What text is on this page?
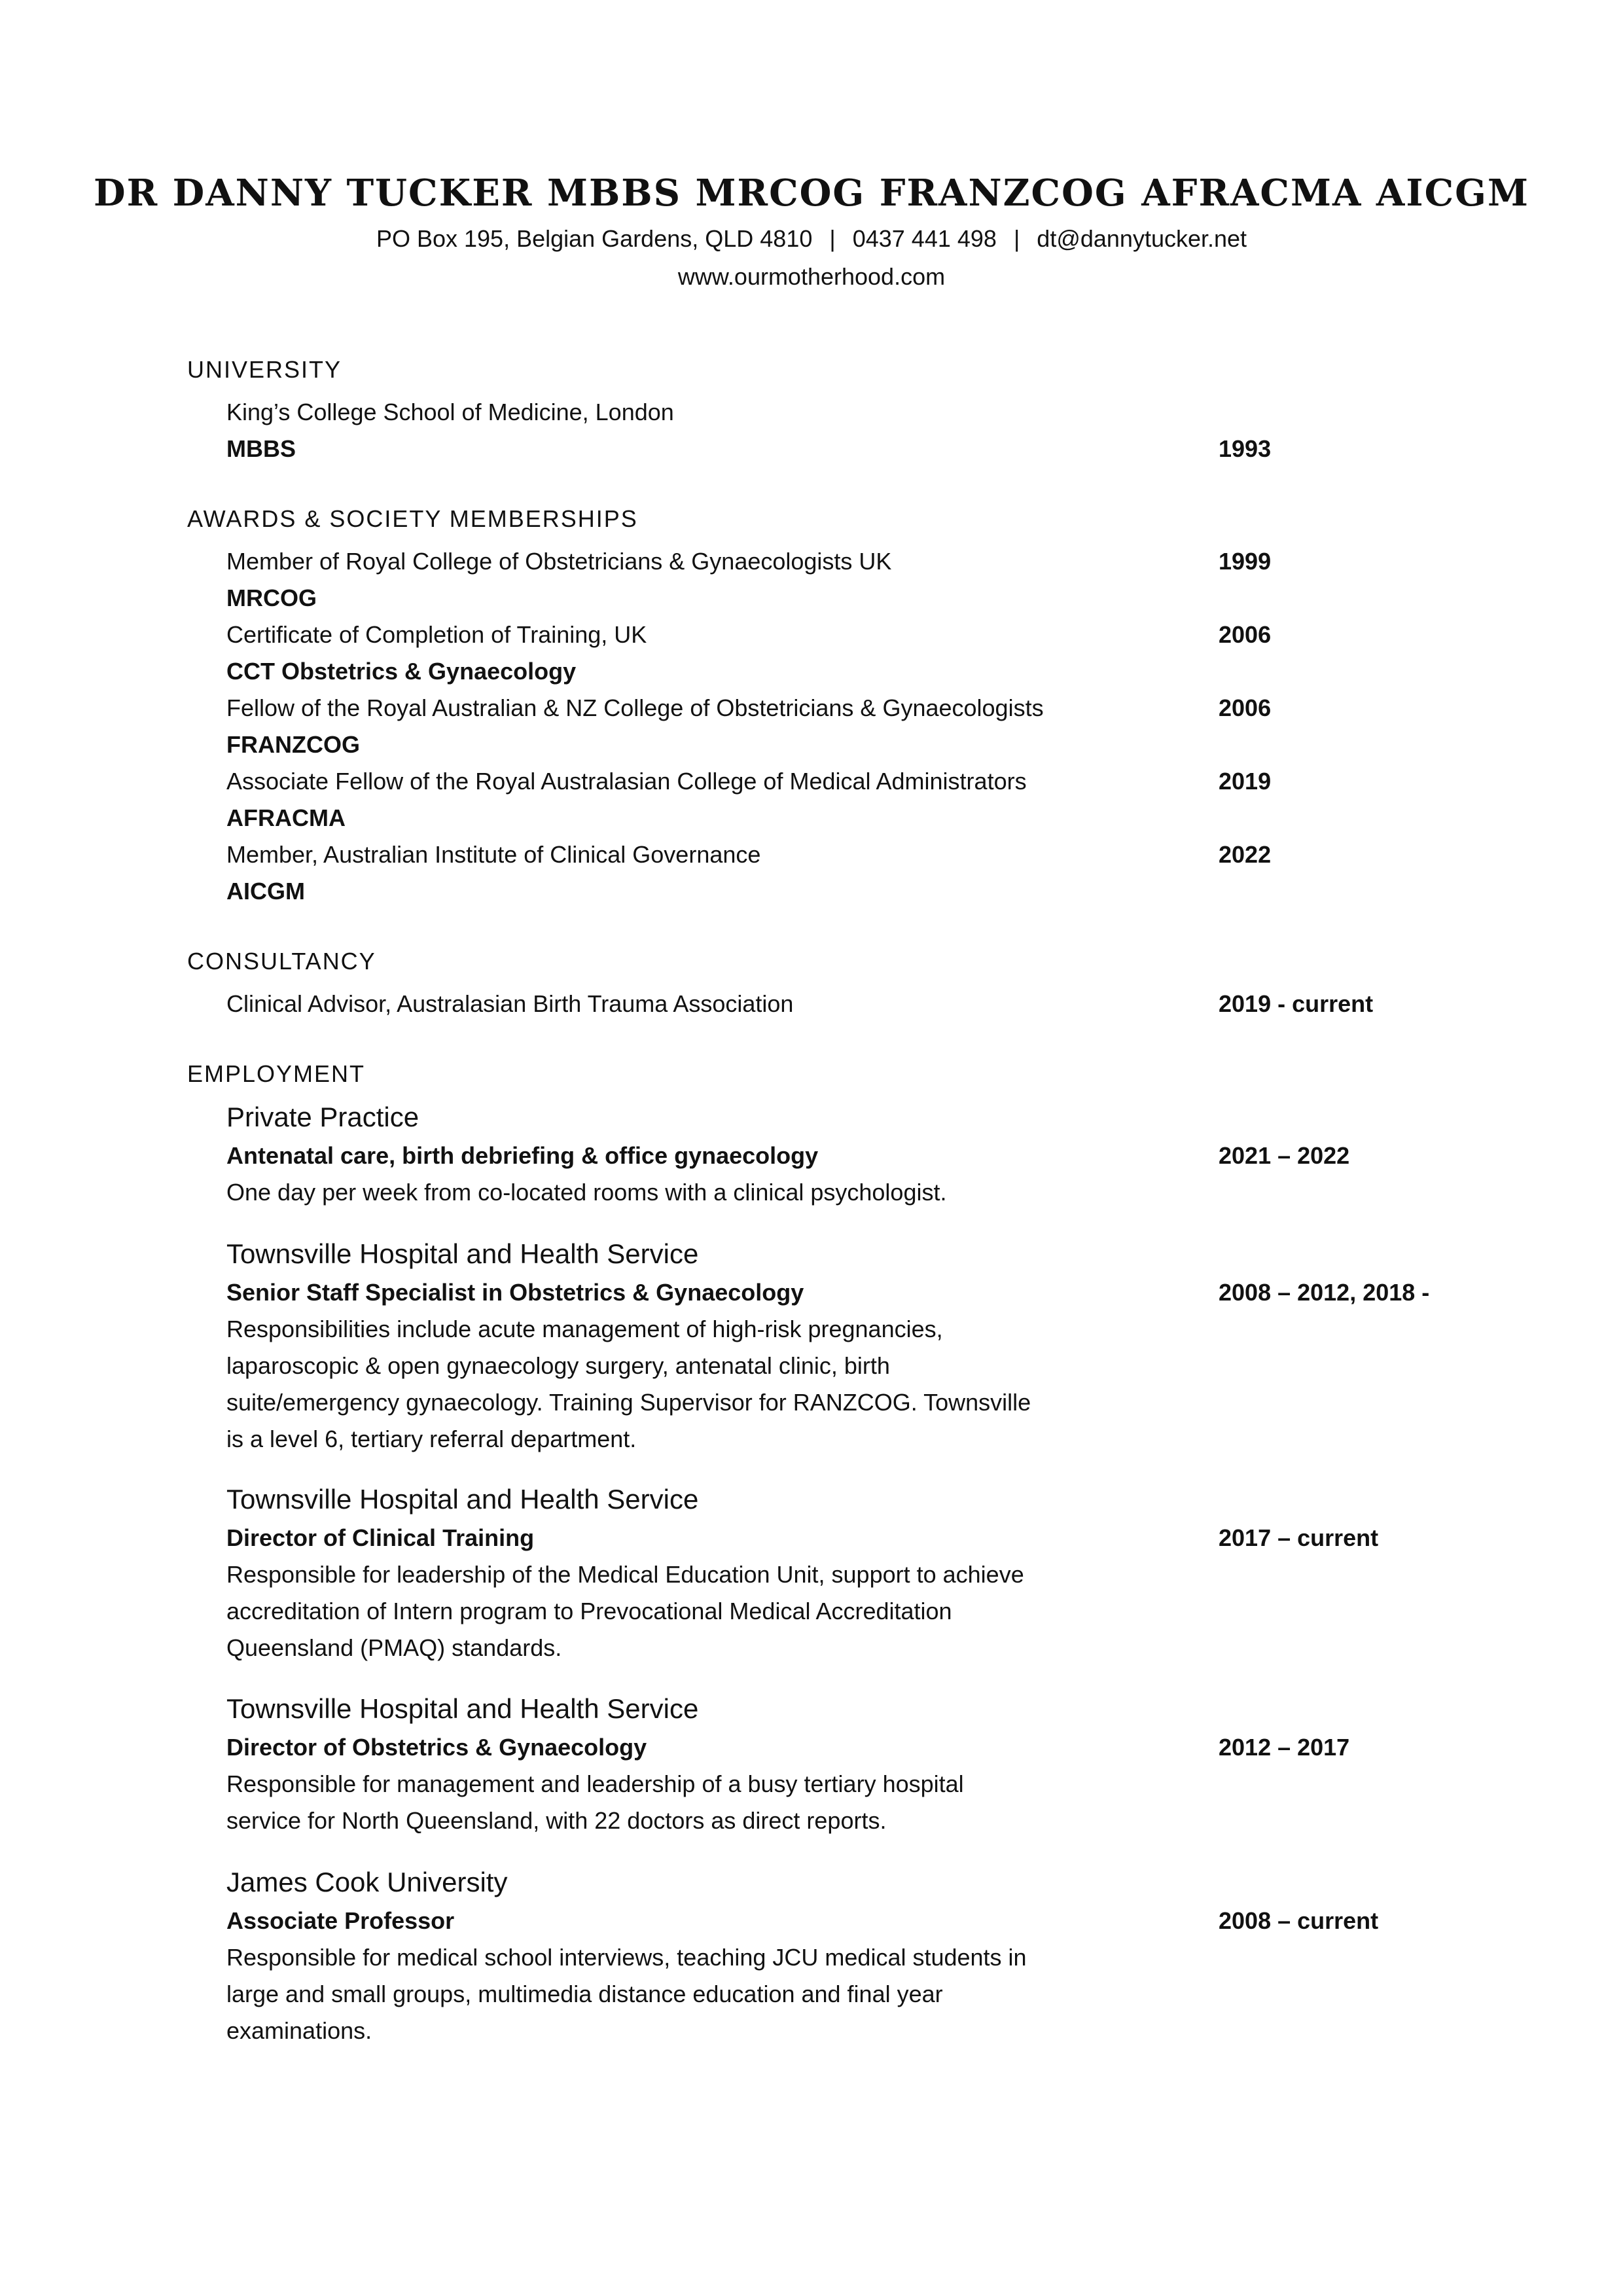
DR DANNY TUCKER MBBS MRCOG FRANZCOG AFRACMA AICGM
PO Box 195, Belgian Gardens, QLD 4810 | 0437 441 498 | dt@dannytucker.net
www.ourmotherhood.com
UNIVERSITY
King’s College School of Medicine, London
MBBS	1993
AWARDS & SOCIETY MEMBERSHIPS
Member of Royal College of Obstetricians & Gynaecologists UK	1999
MRCOG
Certificate of Completion of Training, UK	2006
CCT Obstetrics & Gynaecology
Fellow of the Royal Australian & NZ College of Obstetricians & Gynaecologists	2006
FRANZCOG
Associate Fellow of the Royal Australasian College of Medical Administrators	2019
AFRACMA
Member, Australian Institute of Clinical Governance	2022
AICGM
CONSULTANCY
Clinical Advisor, Australasian Birth Trauma Association	2019 - current
EMPLOYMENT
Private Practice
Antenatal care, birth debriefing & office gynaecology	2021 – 2022
One day per week from co-located rooms with a clinical psychologist.
Townsville Hospital and Health Service
Senior Staff Specialist in Obstetrics & Gynaecology	2008 – 2012, 2018 -
Responsibilities include acute management of high-risk pregnancies,
laparoscopic & open gynaecology surgery, antenatal clinic, birth
suite/emergency gynaecology. Training Supervisor for RANZCOG. Townsville
is a level 6, tertiary referral department.
Townsville Hospital and Health Service
Director of Clinical Training	2017 – current
Responsible for leadership of the Medical Education Unit, support to achieve
accreditation of Intern program to Prevocational Medical Accreditation
Queensland (PMAQ) standards.
Townsville Hospital and Health Service
Director of Obstetrics & Gynaecology	2012 – 2017
Responsible for management and leadership of a busy tertiary hospital
service for North Queensland, with 22 doctors as direct reports.
James Cook University
Associate Professor	2008 – current
Responsible for medical school interviews, teaching JCU medical students in
large and small groups, multimedia distance education and final year
examinations.
